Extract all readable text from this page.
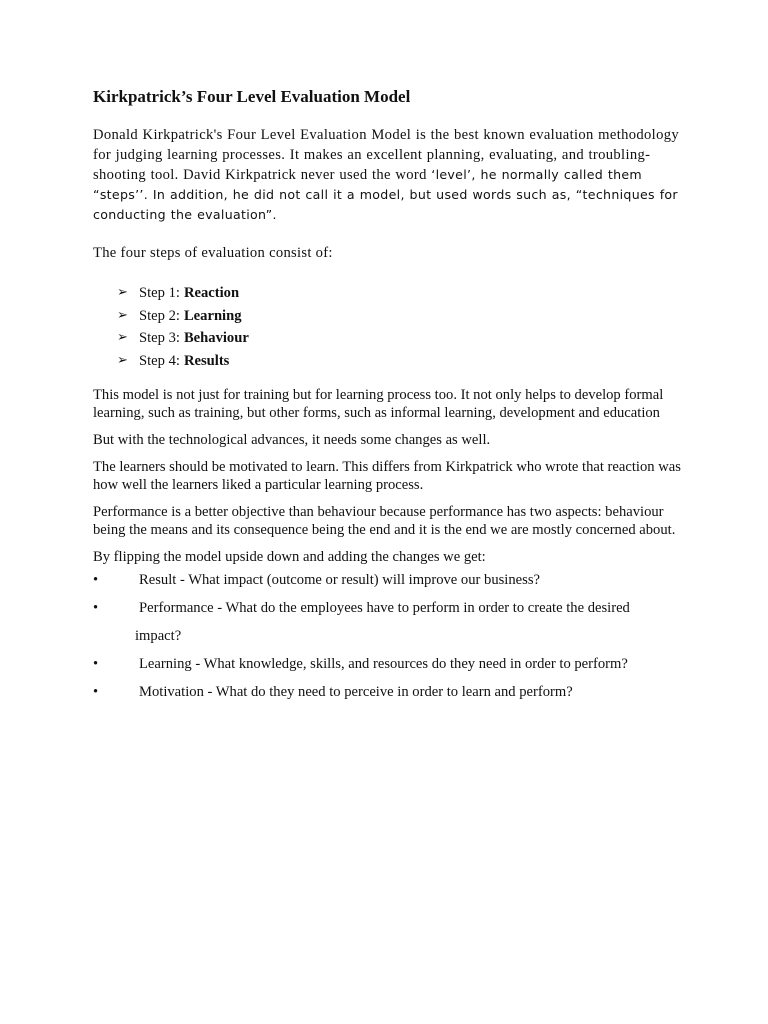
Kirkpatrick’s Four Level Evaluation Model

Donald Kirkpatrick's Four Level Evaluation Model is the best known evaluation methodology for judging learning processes. It makes an excellent planning, evaluating, and troubling-shooting tool. David Kirkpatrick never used the word ‘level’, he normally called them “steps’’. In addition, he did not call it a model, but used words such as, “techniques for conducting the evaluation”.

The four steps of evaluation consist of:

➢ Step 1: Reaction
➢ Step 2: Learning
➢ Step 3: Behaviour
➢ Step 4: Results

This model is not just for training but for learning process too. It not only helps to develop formal learning, such as training, but other forms, such as informal learning, development and education

But with the technological advances, it needs some changes as well.

The learners should be motivated to learn. This differs from Kirkpatrick who wrote that reaction was how well the learners liked a particular learning process.

Performance is a better objective than behaviour because performance has two aspects: behaviour being the means and its consequence being the end and it is the end we are mostly concerned about.

By flipping the model upside down and adding the changes we get:

•	Result - What impact (outcome or result) will improve our business?
•	Performance - What do the employees have to perform in order to create the desired
impact?
•	Learning - What knowledge, skills, and resources do they need in order to perform?
•	Motivation - What do they need to perceive in order to learn and perform?
